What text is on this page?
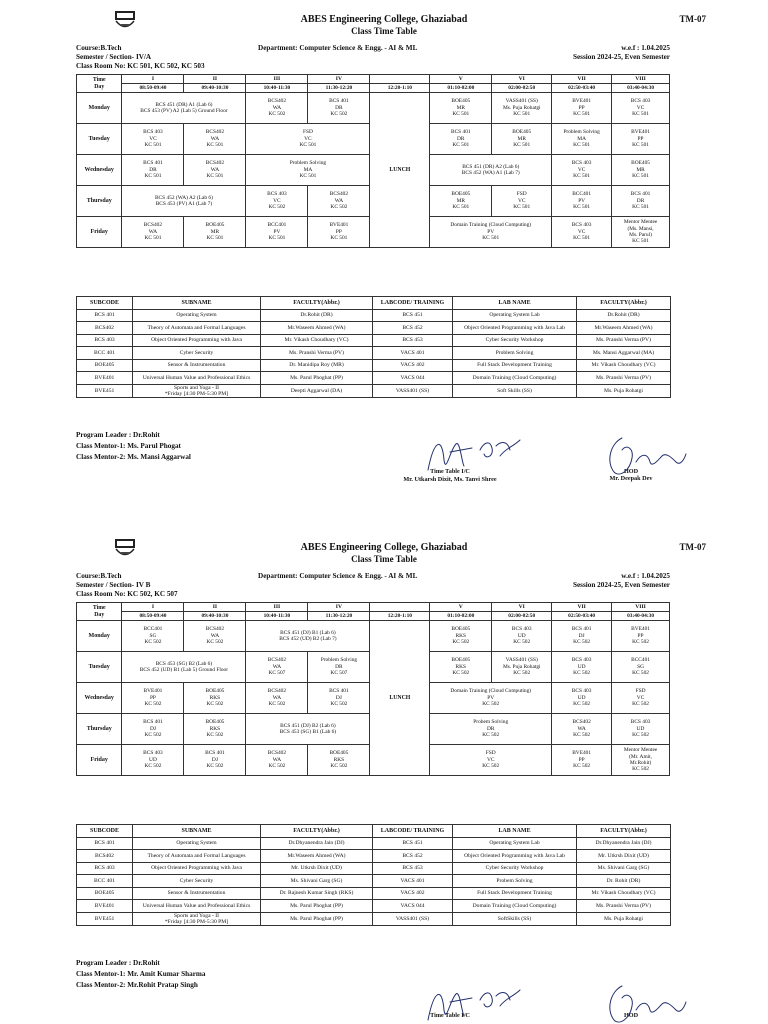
ABES Engineering College, Ghaziabad
Class Time Table
TM-07
Course:B.Tech
Semester / Section- IV/A
Class Room No: KC 501, KC 502, KC 503
Department: Computer Science & Engg. - AI & ML	w.e.f : 1.04.2025
Session 2024-25, Even Semester
Time
Day	I	II	III	IV		V	VI	VII	VIII
	08:50-09:40	09:40-10:30	10:40-11:30	11:30-12:20	12:20-1:10	01:10-02:00	02:00-02:50	02:50-03:40	03:40-04:30
Monday	BCS 451 (DR) A1 (Lab 6)
BCS 453 (PV) A2 (Lab 5) Ground Floor		BCS402
WA
KC 502	BCS 401
DR
KC 502	LUNCH	BOE405
MR
KC 501	VASS401 (SS)
Ms. Puja Rohatgi
KC 501	BVE401
PP
KC 501	BCS 403
VC
KC 501
Tuesday	BCS 403
VC
KC 501	BCS402
WA
KC 501	FSD
VC
KC 501			BCS 401
DR
KC 501	BOE405
MR
KC 501	Problem Solving
MA
KC 501	BVE401
PP
KC 501
Wednesday	BCS 401
DR
KC 501	BCS402
WA
KC 501	Problem Solving
MA
KC 501			BCS 451 (DR) A2 (Lab 6)
BCS 452 (WA) A1 (Lab 7)		BCS 403
VC
KC 501	BOE405
MR
KC 501
Thursday	BCS 452 (WA) A2 (Lab 6)
BCS 453 (PV) A1 (Lab 7)		BCS 403
VC
KC 502	BCS402
WA
KC 502		BOE405
MR
KC 501	FSD
VC
KC 501	BCC401
PV
KC 501	BCS 401
DR
KC 501
Friday	BCS402
WA
KC 501	BOE405
MR
KC 501	BCC401
PV
KC 501	BVE401
PP
KC 501		Domain Training (Cloud Computing)
PV
KC 501		BCS 403
VC
KC 501	Mentor Mentee
(Ms. Mansi,
Ms. Parul)
KC 501
SUBCODE	SUBNAME	FACULTY(Abbr.)	LABCODE/ TRAINING	LAB NAME	FACULTY(Abbr.)
BCS 401	Operating System	Dr.Rohit (DR)	BCS 451	Operating System Lab	Dr.Rohit (DR)
BCS402	Theory of Automata and Formal Languages	Mr.Waseem Ahmed (WA)	BCS 452	Object Oriented Programming with Java Lab	Mr.Waseem Ahmed (WA)
BCS 403	Object Oriented Programming with Java	Mr. Vikash Choudhary (VC)	BCS 453	Cyber Security Workshop	Ms. Pranshi Verma (PV)
BCC 401	Cyber Security	Ms. Pranshi Verma (PV)	VACS 401	Problem Solving	Ms. Mansi Aggarwal (MA)
BOE405	Sensor & Instrumentation	Dr. Manidipa Roy (MR)	VACS 402	Full Stack Development Training	Mr. Vikash Choudhary (VC)
BVE401	Universal Human Value and Professional Ethics	Ms. Parul Phoghat (PP)	VACS 044	Domain Training (Cloud Computing)	Ms. Pranshi Verma (PV)
BVE451	Sports and Yoga - II
*Friday [4:30 PM-5:30 PM]	Deepti Aggarwal (DA)	VASS401 (SS)	Soft Skills (SS)	Ms. Puja Rohatgi
Program Leader : Dr.Rohit
Class Mentor-1: Ms. Parul Phogat
Class Mentor-2: Ms. Mansi Aggarwal
Time Table I/C
Mr. Utkarsh Dixit, Ms. Tanvi Shree
HOD
Mr. Deepak Dev
ABES Engineering College, Ghaziabad
Class Time Table
TM-07
Course:B.Tech
Semester / Section- IV B
Class Room No: KC 502, KC 507
Department: Computer Science & Engg. - AI & ML	w.e.f : 1.04.2025
Session 2024-25, Even Semester
Time
Day	I	II	III	IV		V	VI	VII	VIII
	08:50-09:40	09:40-10:30	10:40-11:30	11:30-12:20	12:20-1:10	01:10-02:00	02:00-02:50	02:50-03:40	03:40-04:30
Monday	BCC401
SG
KC 502	BCS402
WA
KC 502	BCS 451 (DJ) B1 (Lab 6)
BCS 452 (UD) B2 (Lab 7)		LUNCH	BOE405
RKS
KC 502	BCS 403
UD
KC 502	BCS 401
DJ
KC 502	BVE401
PP
KC 502
Tuesday	BCS 453 (SG) B2 (Lab 6)
BCS 452 (UD) B1 (Lab 5) Ground Floor		BCS402
WA
KC 507	Problem Solving
DR
KC 507		BOE405
RKS
KC 502	VASS401 (SS)
Ms. Puja Rohatgi
KC 502	BCS 403
UD
KC 502	BCC401
SG
KC 502
Wednesday	BVE401
PP
KC 502	BOE405
RKS
KC 502	BCS402
WA
KC 502	BCS 401
DJ
KC 502		Domain Training (Cloud Computing)
PV
KC 502		BCS 403
UD
KC 502	FSD
VC
KC 502
Thursday	BCS 401
DJ
KC 502	BOE405
RKS
KC 502	BCS 451 (DJ) B2 (Lab 6)
BCS 453 (SG) B1 (Lab 6)			Probem Solving
DR
KC 502		BCS402
WA
KC 502	BCS 403
UD
KC 502
Friday	BCS 403
UD
KC 502	BCS 401
DJ
KC 502	BCS402
WA
KC 502	BOE405
RKS
KC 502		FSD
VC
KC 502		BVE401
PP
KC 502	Mentor Mentee
(Mr. Amit,
Mr.Rohit)
KC 502
SUBCODE	SUBNAME	FACULTY(Abbr.)	LABCODE/ TRAINING	LAB NAME	FACULTY(Abbr.)
BCS 401	Operating System	Dr.Dhyanendra Jain (DJ)	BCS 451	Operating System Lab	Dr.Dhyanendra Jain (DJ)
BCS402	Theory of Automata and Formal Languages	Mr.Waseem Ahmed (WA)	BCS 452	Object Oriented Programming with Java Lab	Mr. Utkrsh Dixit (UD)
BCS 403	Object Oriented Programming with Java	Mr. Utkrsh Dixit (UD)	BCS 453	Cyber Security Workshop	Ms. Shivani Garg (SG)
BCC 401	Cyber Security	Ms. Shivani Garg (SG)	VACS 401	Probem Solving	Dr. Rohit (DR)
BOE405	Sensor & Instrumentation	Dr. Rajnesh Kumar Singh (RKS)	VACS 402	Full Stack Development Training	Mr. Vikash Choudhary (VC)
BVE401	Universal Human Value and Professional Ethics	Ms. Parul Phoghat (PP)	VACS 044	Domain Training (Cloud Computing)	Ms. Pranshi Verma (PV)
BVE451	Sports and Yoga - II
*Friday [4:30 PM-5:30 PM]	Ms. Parul Phoghat (PP)	VASS401 (SS)	SoftSkills (SS)	Ms. Puja Rohatgi
Program Leader : Dr.Rohit
Class Mentor-1: Mr. Amit Kumar Sharma
Class Mentor-2: Mr.Rohit Pratap Singh
Time Table I/C	HOD
